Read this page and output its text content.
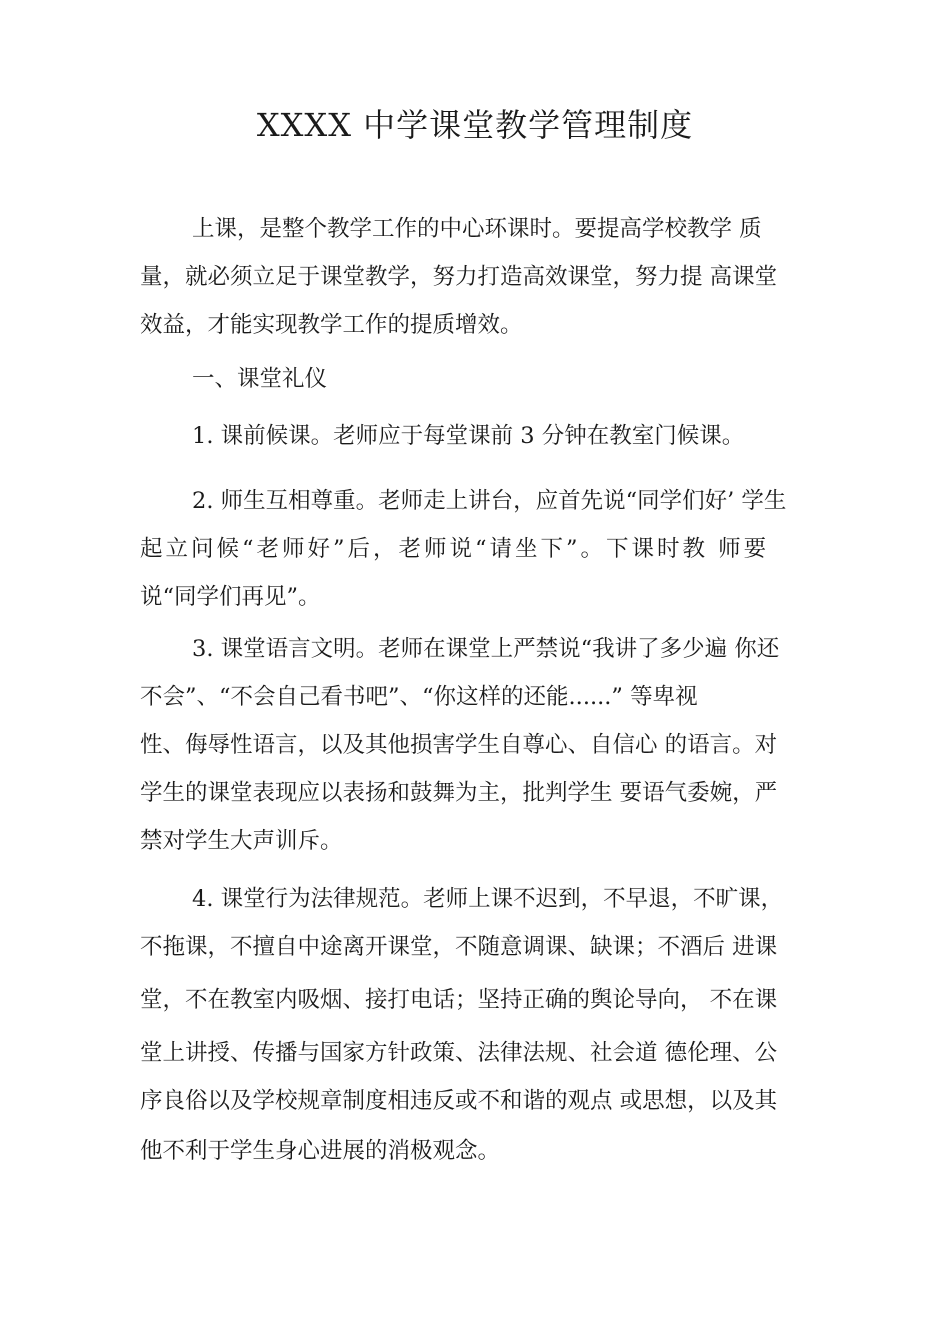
XXXX 中学课堂教学管理制度
上课，是整个教学工作的中心环课时。要提高学校教学 质
量，就必须立足于课堂教学，努力打造高效课堂，努力提 高课堂
效益，才能实现教学工作的提质增效。
一、课堂礼仪
1. 课前候课。老师应于每堂课前 3 分钟在教室门候课。
2. 师生互相尊重。老师走上讲台，应首先说“同学们好’ 学生
起立问候“老师好”后，老师说“请坐下”。下课时教 师要
说“同学们再见”。
3. 课堂语言文明。老师在课堂上严禁说“我讲了多少遍 你还
不会”、“不会自己看书吧”、“你这样的还能......” 等卑视
性、侮辱性语言，以及其他损害学生自尊心、自信心 的语言。对
学生的课堂表现应以表扬和鼓舞为主，批判学生 要语气委婉，严
禁对学生大声训斥。
4. 课堂行为法律规范。老师上课不迟到，不早退，不旷课，
不拖课，不擅自中途离开课堂，不随意调课、缺课；不酒后 进课
堂，不在教室内吸烟、接打电话；坚持正确的舆论导向， 不在课
堂上讲授、传播与国家方针政策、法律法规、社会道 德伦理、公
序良俗以及学校规章制度相违反或不和谐的观点 或思想，以及其
他不利于学生身心进展的消极观念。
